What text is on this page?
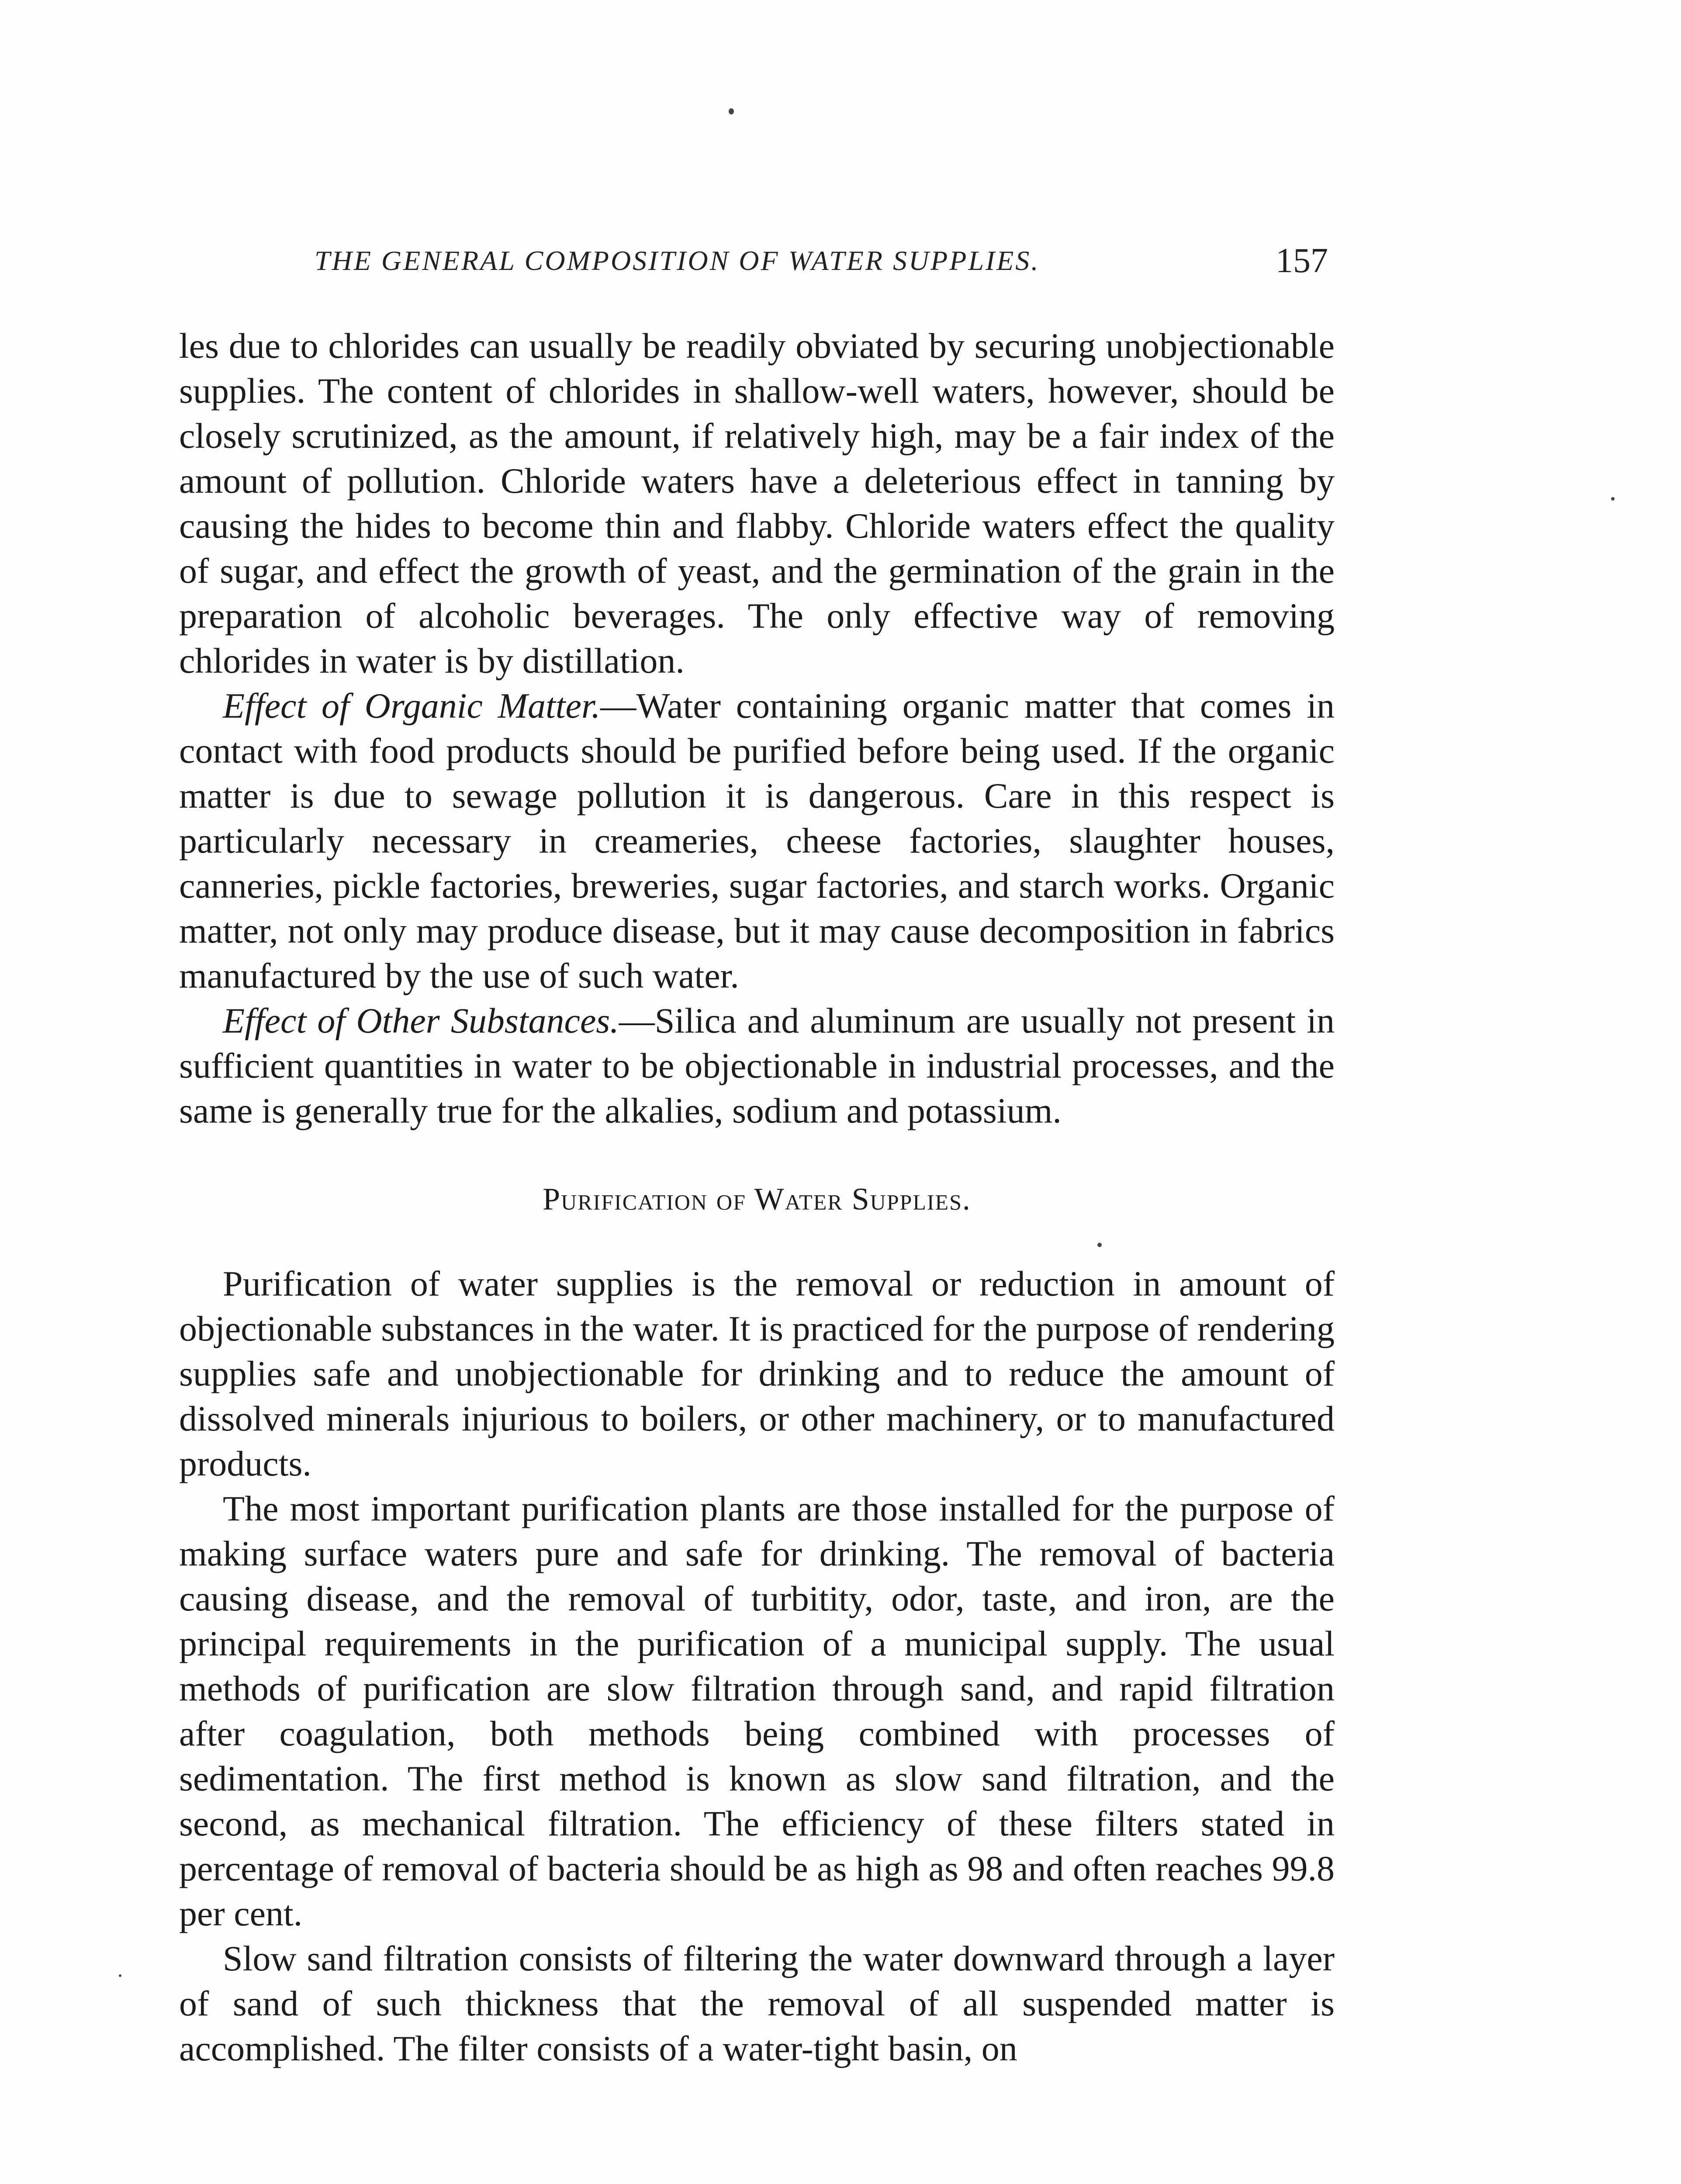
THE GENERAL COMPOSITION OF WATER SUPPLIES.	157

les due to chlorides can usually be readily obviated by securing unobjectionable supplies. The content of chlorides in shallow-well waters, however, should be closely scrutinized, as the amount, if relatively high, may be a fair index of the amount of pollution. Chloride waters have a deleterious effect in tanning by causing the hides to become thin and flabby. Chloride waters effect the quality of sugar, and effect the growth of yeast, and the germination of the grain in the preparation of alcoholic beverages. The only effective way of removing chlorides in water is by distillation.

Effect of Organic Matter.—Water containing organic matter that comes in contact with food products should be purified before being used. If the organic matter is due to sewage pollution it is dangerous. Care in this respect is particularly necessary in creameries, cheese factories, slaughter houses, canneries, pickle factories, breweries, sugar factories, and starch works. Organic matter, not only may produce disease, but it may cause decomposition in fabrics manufactured by the use of such water.

Effect of Other Substances.—Silica and aluminum are usually not present in sufficient quantities in water to be objectionable in industrial processes, and the same is generally true for the alkalies, sodium and potassium.

Purification of Water Supplies.

Purification of water supplies is the removal or reduction in amount of objectionable substances in the water. It is practiced for the purpose of rendering supplies safe and unobjectionable for drinking and to reduce the amount of dissolved minerals injurious to boilers, or other machinery, or to manufactured products.

The most important purification plants are those installed for the purpose of making surface waters pure and safe for drinking. The removal of bacteria causing disease, and the removal of turbitity, odor, taste, and iron, are the principal requirements in the purification of a municipal supply. The usual methods of purification are slow filtration through sand, and rapid filtration after coagulation, both methods being combined with processes of sedimentation. The first method is known as slow sand filtration, and the second, as mechanical filtration. The efficiency of these filters stated in percentage of removal of bacteria should be as high as 98 and often reaches 99.8 per cent.

Slow sand filtration consists of filtering the water downward through a layer of sand of such thickness that the removal of all suspended matter is accomplished. The filter consists of a water-tight basin, on
